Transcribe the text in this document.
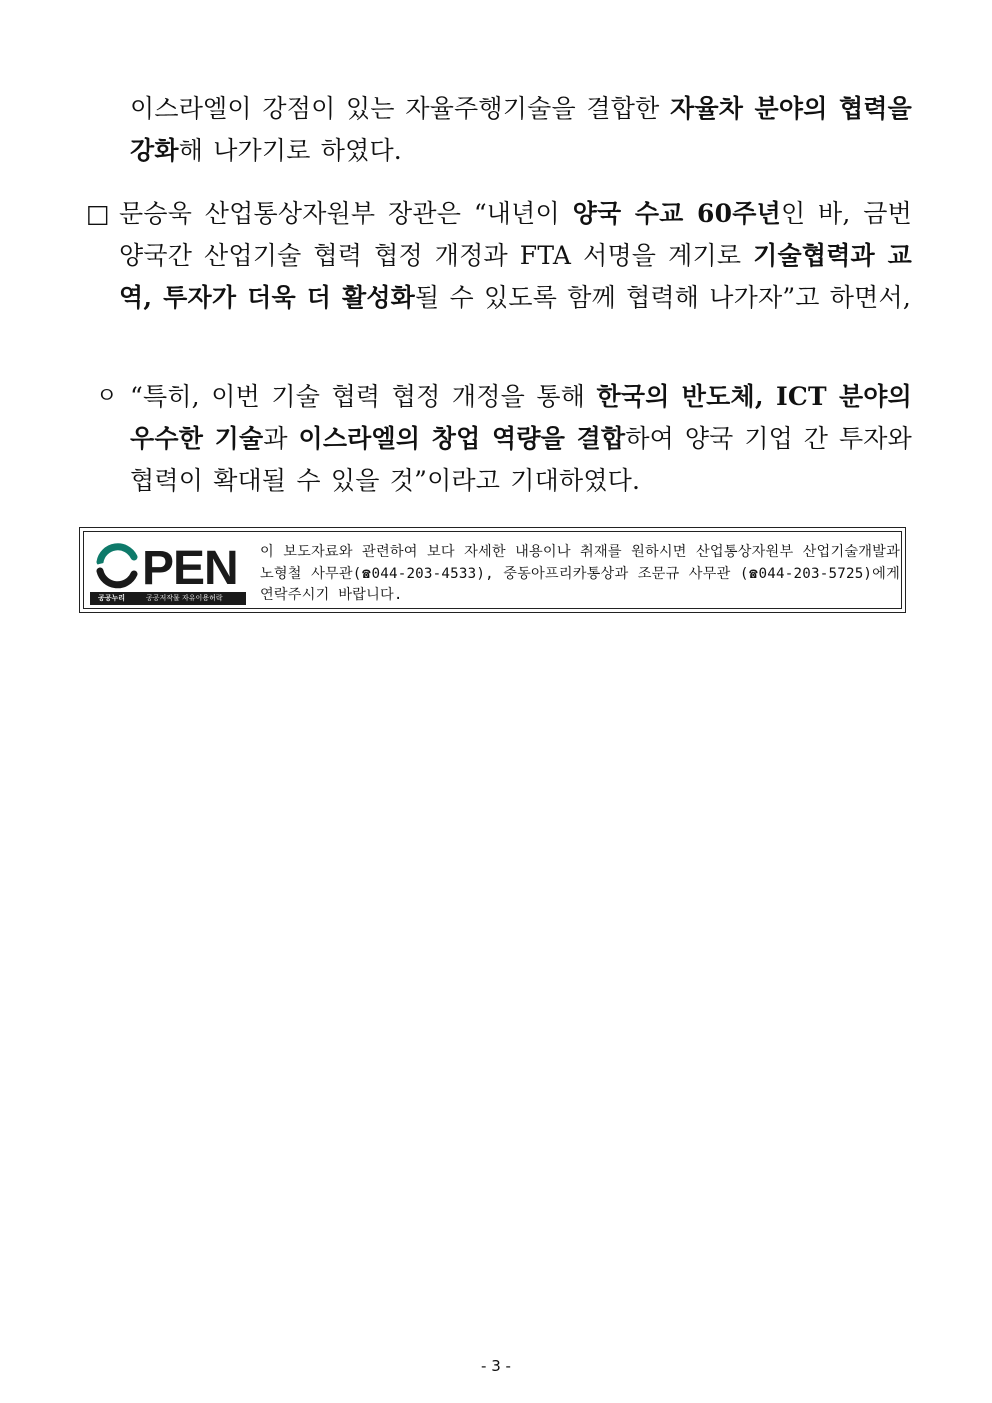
이스라엘이 강점이 있는 자율주행기술을 결합한 자율차 분야의 협력을 강화해 나가기로 하였다.
□ 문승욱 산업통상자원부 장관은 “내년이 양국 수교 60주년인 바, 금번 양국간 산업기술 협력 협정 개정과 FTA 서명을 계기로 기술협력과 교역, 투자가 더욱 더 활성화될 수 있도록 함께 협력해 나가자”고 하면서,
ㅇ “특히, 이번 기술 협력 협정 개정을 통해 한국의 반도체, ICT 분야의 우수한 기술과 이스라엘의 창업 역량을 결합하여 양국 기업 간 투자와 협력이 확대될 수 있을 것”이라고 기대하였다.
PEN
공공누리	공공저작물 자유이용허락
이 보도자료와 관련하여 보다 자세한 내용이나 취재를 원하시면 산업통상자원부 산업기술개발과 노형철 사무관(☎044-203-4533), 중동아프리카통상과 조문규 사무관 (☎044-203-5725)에게 연락주시기 바랍니다.
- 3 -
